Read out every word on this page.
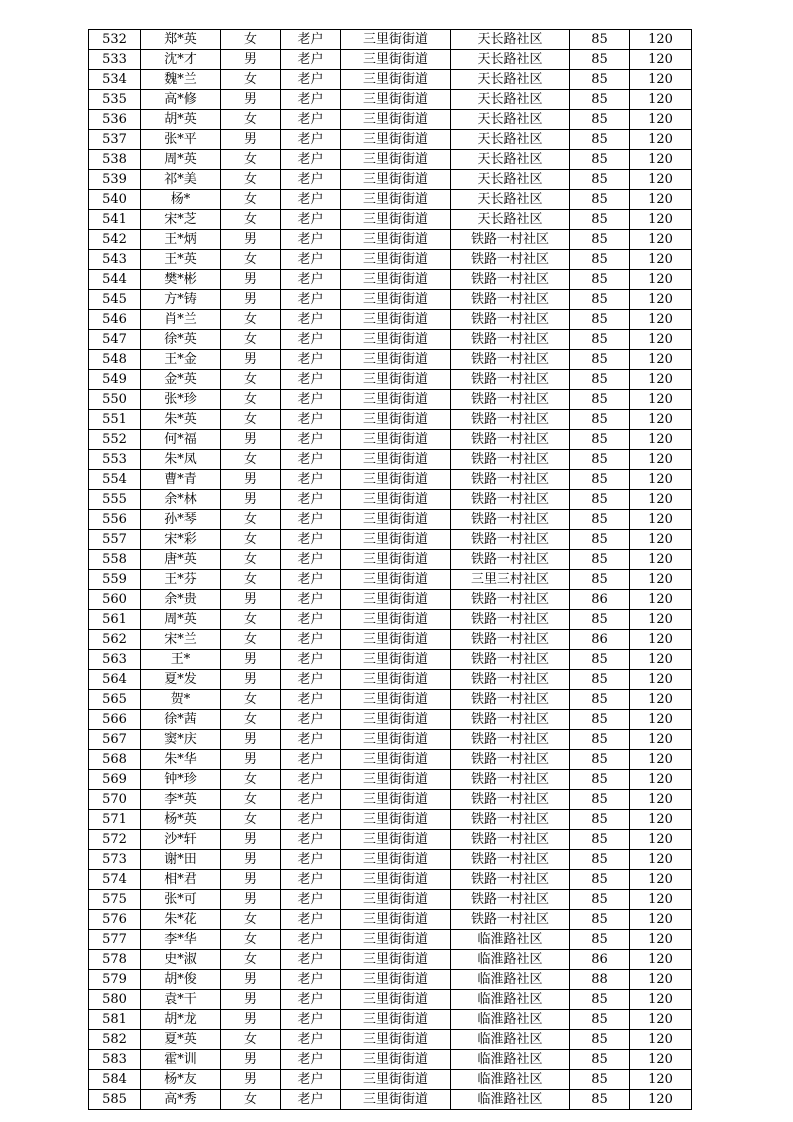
532	郑*英	女	老户	三里街街道	天长路社区	85	120
533	沈*才	男	老户	三里街街道	天长路社区	85	120
534	魏*兰	女	老户	三里街街道	天长路社区	85	120
535	高*修	男	老户	三里街街道	天长路社区	85	120
536	胡*英	女	老户	三里街街道	天长路社区	85	120
537	张*平	男	老户	三里街街道	天长路社区	85	120
538	周*英	女	老户	三里街街道	天长路社区	85	120
539	祁*美	女	老户	三里街街道	天长路社区	85	120
540	杨*	女	老户	三里街街道	天长路社区	85	120
541	宋*芝	女	老户	三里街街道	天长路社区	85	120
542	王*炳	男	老户	三里街街道	铁路一村社区	85	120
543	王*英	女	老户	三里街街道	铁路一村社区	85	120
544	樊*彬	男	老户	三里街街道	铁路一村社区	85	120
545	方*铸	男	老户	三里街街道	铁路一村社区	85	120
546	肖*兰	女	老户	三里街街道	铁路一村社区	85	120
547	徐*英	女	老户	三里街街道	铁路一村社区	85	120
548	王*金	男	老户	三里街街道	铁路一村社区	85	120
549	金*英	女	老户	三里街街道	铁路一村社区	85	120
550	张*珍	女	老户	三里街街道	铁路一村社区	85	120
551	朱*英	女	老户	三里街街道	铁路一村社区	85	120
552	何*福	男	老户	三里街街道	铁路一村社区	85	120
553	朱*凤	女	老户	三里街街道	铁路一村社区	85	120
554	曹*青	男	老户	三里街街道	铁路一村社区	85	120
555	余*林	男	老户	三里街街道	铁路一村社区	85	120
556	孙*琴	女	老户	三里街街道	铁路一村社区	85	120
557	宋*彩	女	老户	三里街街道	铁路一村社区	85	120
558	唐*英	女	老户	三里街街道	铁路一村社区	85	120
559	王*芬	女	老户	三里街街道	三里三村社区	85	120
560	余*贵	男	老户	三里街街道	铁路一村社区	86	120
561	周*英	女	老户	三里街街道	铁路一村社区	85	120
562	宋*兰	女	老户	三里街街道	铁路一村社区	86	120
563	王*	男	老户	三里街街道	铁路一村社区	85	120
564	夏*发	男	老户	三里街街道	铁路一村社区	85	120
565	贺*	女	老户	三里街街道	铁路一村社区	85	120
566	徐*茜	女	老户	三里街街道	铁路一村社区	85	120
567	窦*庆	男	老户	三里街街道	铁路一村社区	85	120
568	朱*华	男	老户	三里街街道	铁路一村社区	85	120
569	钟*珍	女	老户	三里街街道	铁路一村社区	85	120
570	李*英	女	老户	三里街街道	铁路一村社区	85	120
571	杨*英	女	老户	三里街街道	铁路一村社区	85	120
572	沙*轩	男	老户	三里街街道	铁路一村社区	85	120
573	谢*田	男	老户	三里街街道	铁路一村社区	85	120
574	相*君	男	老户	三里街街道	铁路一村社区	85	120
575	张*可	男	老户	三里街街道	铁路一村社区	85	120
576	朱*花	女	老户	三里街街道	铁路一村社区	85	120
577	李*华	女	老户	三里街街道	临淮路社区	85	120
578	史*淑	女	老户	三里街街道	临淮路社区	86	120
579	胡*俊	男	老户	三里街街道	临淮路社区	88	120
580	袁*干	男	老户	三里街街道	临淮路社区	85	120
581	胡*龙	男	老户	三里街街道	临淮路社区	85	120
582	夏*英	女	老户	三里街街道	临淮路社区	85	120
583	霍*训	男	老户	三里街街道	临淮路社区	85	120
584	杨*友	男	老户	三里街街道	临淮路社区	85	120
585	高*秀	女	老户	三里街街道	临淮路社区	85	120
